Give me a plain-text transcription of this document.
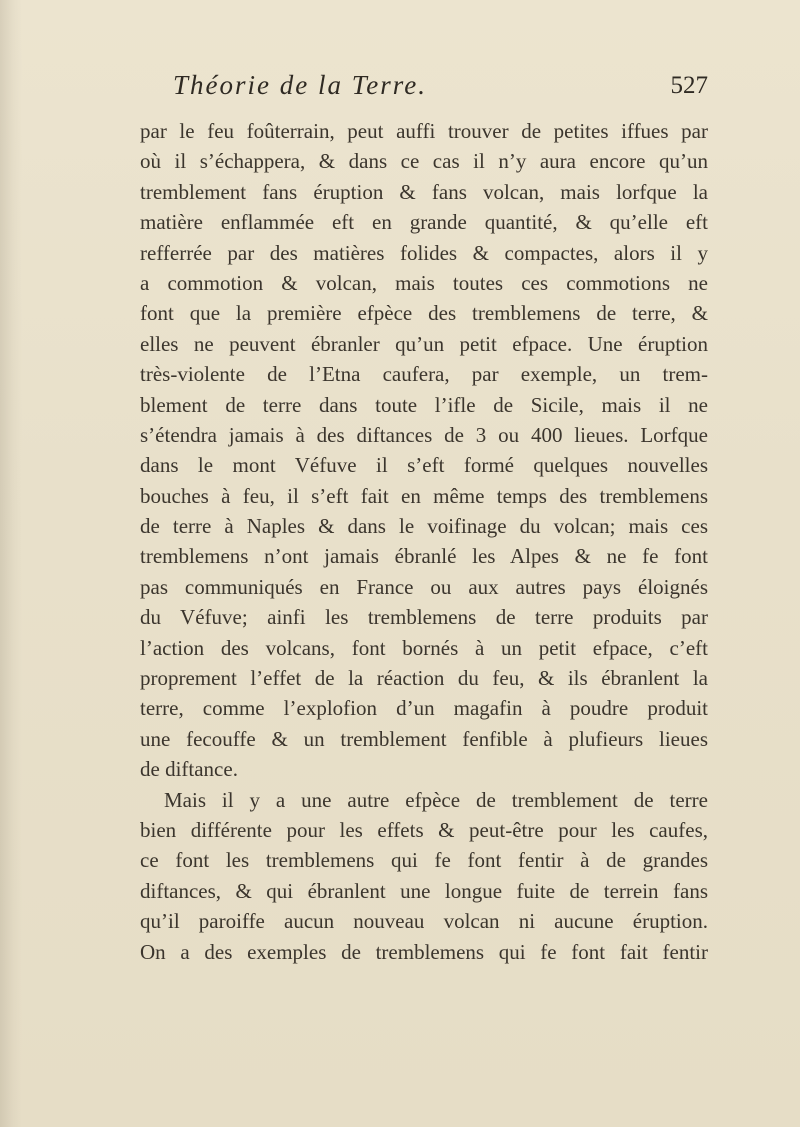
Théorie de la Terre.	527
par le feu foûterrain, peut auffi trouver de petites iffues par
où il s’échappera, & dans ce cas il n’y aura encore qu’un
tremblement fans éruption & fans volcan, mais lorfque la
matière enflammée eft en grande quantité, & qu’elle eft
refferrée par des matières folides & compactes, alors il y
a commotion & volcan, mais toutes ces commotions ne
font que la première efpèce des tremblemens de terre, &
elles ne peuvent ébranler qu’un petit efpace. Une éruption
très-violente de l’Etna caufera, par exemple, un trem-
blement de terre dans toute l’ifle de Sicile, mais il ne
s’étendra jamais à des diftances de 3 ou 400 lieues. Lorfque
dans le mont Véfuve il s’eft formé quelques nouvelles
bouches à feu, il s’eft fait en même temps des tremblemens
de terre à Naples & dans le voifinage du volcan; mais ces
tremblemens n’ont jamais ébranlé les Alpes & ne fe font
pas communiqués en France ou aux autres pays éloignés
du Véfuve; ainfi les tremblemens de terre produits par
l’action des volcans, font bornés à un petit efpace, c’eft
proprement l’effet de la réaction du feu, & ils ébranlent la
terre, comme l’explofion d’un magafin à poudre produit
une fecouffe & un tremblement fenfible à plufieurs lieues
de diftance.
Mais il y a une autre efpèce de tremblement de terre
bien différente pour les effets & peut-être pour les caufes,
ce font les tremblemens qui fe font fentir à de grandes
diftances, & qui ébranlent une longue fuite de terrein fans
qu’il paroiffe aucun nouveau volcan ni aucune éruption.
On a des exemples de tremblemens qui fe font fait fentir
